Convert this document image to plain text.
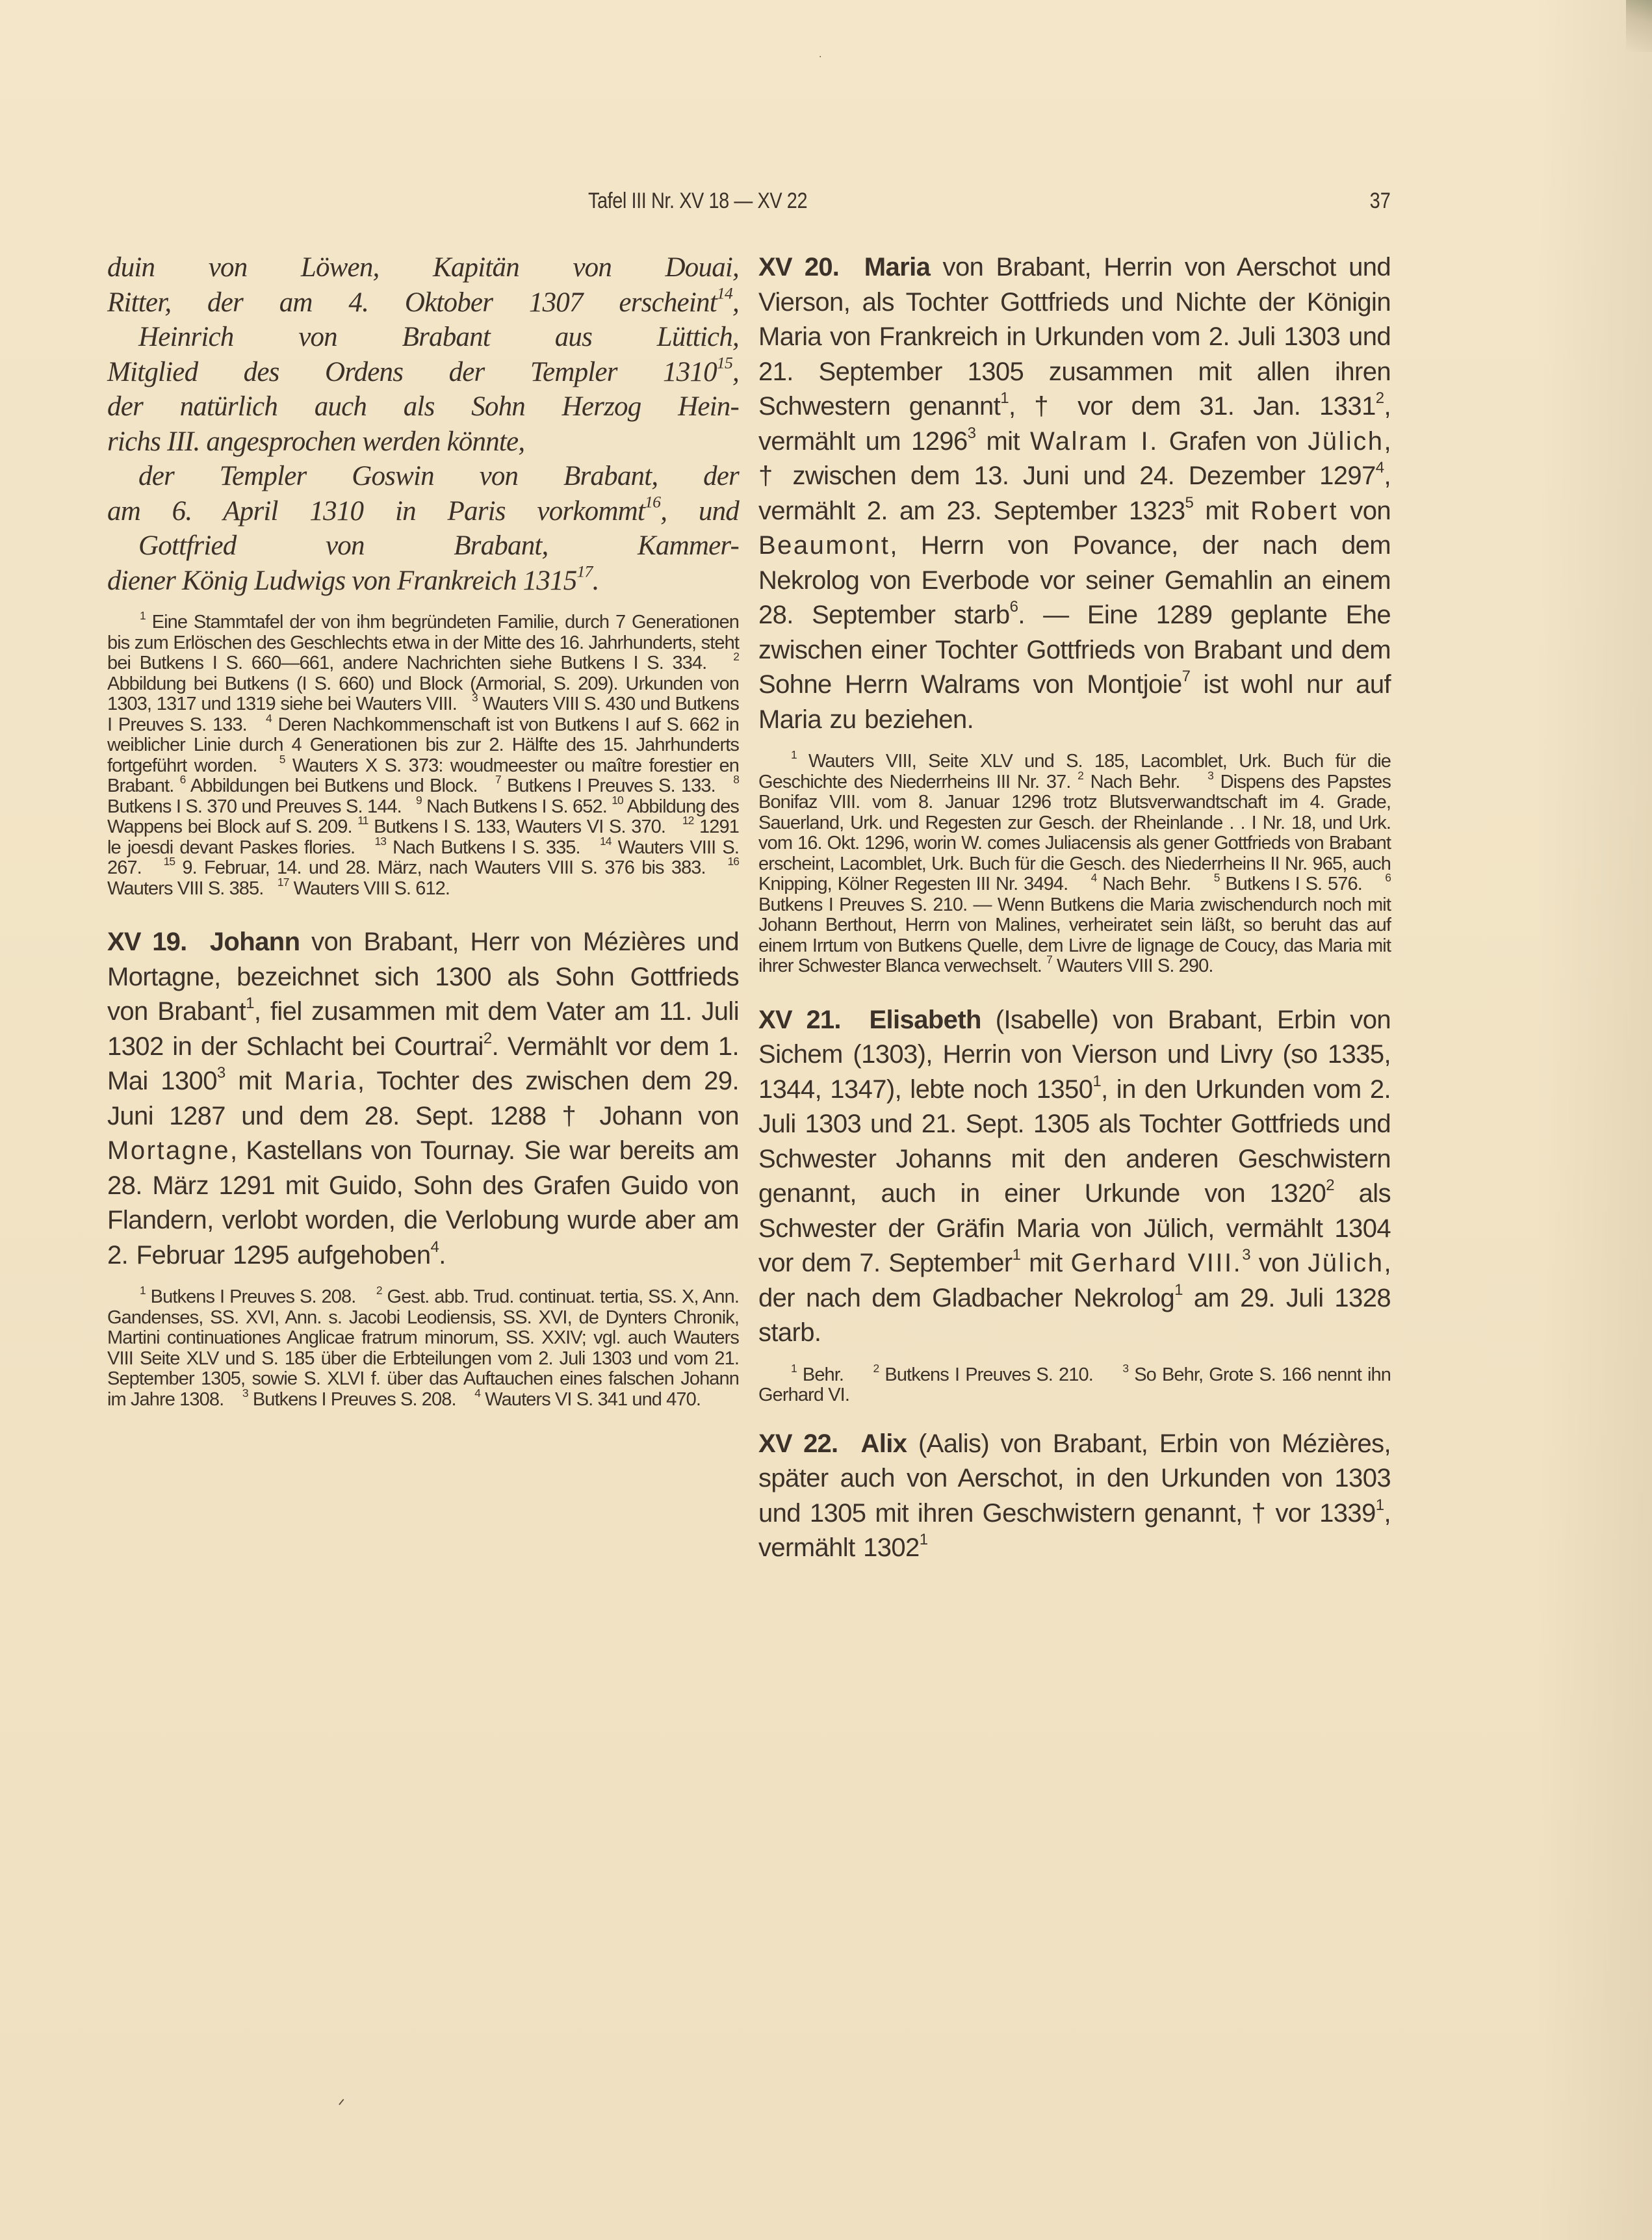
Tafel III Nr. XV 18 — XV 22	37
duin von Löwen, Kapitän von Douai,
Ritter, der am 4. Oktober 1307 erscheint$^{14}$,
Heinrich von Brabant aus Lüttich,
Mitglied des Ordens der Templer 1310$^{15}$,
der natürlich auch als Sohn Herzog Hein-
richs III. angesprochen werden könnte,
der Templer Goswin von Brabant, der
am 6. April 1310 in Paris vorkommt$^{16}$, und
Gottfried von Brabant, Kammer-
diener König Ludwigs von Frankreich 1315$^{17}$.
$^1$ Eine Stammtafel der von ihm begründeten Familie, durch 7 Generationen bis zum Erlöschen des Geschlechts etwa in der Mitte des 16. Jahrhunderts, steht bei Butkens I S. 660—661, andere Nachrichten siehe Butkens I S. 334. $^2$ Abbildung bei Butkens (I S. 660) und Block (Armorial, S. 209). Urkunden von 1303, 1317 und 1319 siehe bei Wauters VIII. $^3$ Wauters VIII S. 430 und Butkens I Preuves S. 133. $^4$ Deren Nachkommenschaft ist von Butkens I auf S. 662 in weiblicher Linie durch 4 Generationen bis zur 2. Hälfte des 15. Jahrhunderts fortgeführt worden. $^5$ Wauters X S. 373: woudmeester ou maître forestier en Brabant. $^6$ Abbildungen bei Butkens und Block. $^7$ Butkens I Preuves S. 133. $^8$ Butkens I S. 370 und Preuves S. 144. $^9$ Nach Butkens I S. 652. $^{10}$ Abbildung des Wappens bei Block auf S. 209. $^{11}$ Butkens I S. 133, Wauters VI S. 370. $^{12}$ 1291 le joesdi devant Paskes flories. $^{13}$ Nach Butkens I S. 335. $^{14}$ Wauters VIII S. 267. $^{15}$ 9. Februar, 14. und 28. März, nach Wauters VIII S. 376 bis 383. $^{16}$ Wauters VIII S. 385. $^{17}$ Wauters VIII S. 612.

XV 19. Johann von Brabant, Herr von Mézières und Mortagne, bezeichnet sich 1300 als Sohn Gottfrieds von Brabant$^1$, fiel zusammen mit dem Vater am 11. Juli 1302 in der Schlacht bei Courtrai$^2$. Vermählt vor dem 1. Mai 1300$^3$ mit Maria, Tochter des zwischen dem 29. Juni 1287 und dem 28. Sept. 1288 † Johann von Mortagne, Kastellans von Tournay. Sie war bereits am 28. März 1291 mit Guido, Sohn des Grafen Guido von Flandern, verlobt worden, die Verlobung wurde aber am 2. Februar 1295 aufgehoben$^4$.

$^1$ Butkens I Preuves S. 208. $^2$ Gest. abb. Trud. continuat. tertia, SS. X, Ann. Gandenses, SS. XVI, Ann. s. Jacobi Leodiensis, SS. XVI, de Dynters Chronik, Martini continuationes Anglicae fratrum minorum, SS. XXIV; vgl. auch Wauters VIII Seite XLV und S. 185 über die Erbteilungen vom 2. Juli 1303 und vom 21. September 1305, sowie S. XLVI f. über das Auftauchen eines falschen Johann im Jahre 1308. $^3$ Butkens I Preuves S. 208. $^4$ Wauters VI S. 341 und 470.

XV 20. Maria von Brabant, Herrin von Aerschot und Vierson, als Tochter Gottfrieds und Nichte der Königin Maria von Frankreich in Urkunden vom 2. Juli 1303 und 21. September 1305 zusammen mit allen ihren Schwestern genannt$^1$, † vor dem 31. Jan. 1331$^2$, vermählt um 1296$^3$ mit Walram I. Grafen von Jülich, † zwischen dem 13. Juni und 24. Dezember 1297$^4$, vermählt 2. am 23. September 1323$^5$ mit Robert von Beaumont, Herrn von Povance, der nach dem Nekrolog von Everbode vor seiner Gemahlin an einem 28. September starb$^6$. — Eine 1289 geplante Ehe zwischen einer Tochter Gottfrieds von Brabant und dem Sohne Herrn Walrams von Montjoie$^7$ ist wohl nur auf Maria zu beziehen.

$^1$ Wauters VIII, Seite XLV und S. 185, Lacomblet, Urk. Buch für die Geschichte des Niederrheins III Nr. 37. $^2$ Nach Behr. $^3$ Dispens des Papstes Bonifaz VIII. vom 8. Januar 1296 trotz Blutsverwandtschaft im 4. Grade, Sauerland, Urk. und Regesten zur Gesch. der Rheinlande . . I Nr. 18, und Urk. vom 16. Okt. 1296, worin W. comes Juliacensis als gener Gottfrieds von Brabant erscheint, Lacomblet, Urk. Buch für die Gesch. des Niederrheins II Nr. 965, auch Knipping, Kölner Regesten III Nr. 3494. $^4$ Nach Behr. $^5$ Butkens I S. 576. $^6$ Butkens I Preuves S. 210. — Wenn Butkens die Maria zwischendurch noch mit Johann Berthout, Herrn von Malines, verheiratet sein läßt, so beruht das auf einem Irrtum von Butkens Quelle, dem Livre de lignage de Coucy, das Maria mit ihrer Schwester Blanca verwechselt. $^7$ Wauters VIII S. 290.

XV 21. Elisabeth (Isabelle) von Brabant, Erbin von Sichem (1303), Herrin von Vierson und Livry (so 1335, 1344, 1347), lebte noch 1350$^1$, in den Urkunden vom 2. Juli 1303 und 21. Sept. 1305 als Tochter Gottfrieds und Schwester Johanns mit den anderen Geschwistern genannt, auch in einer Urkunde von 1320$^2$ als Schwester der Gräfin Maria von Jülich, vermählt 1304 vor dem 7. September$^1$ mit Gerhard VIII.$^3$ von Jülich, der nach dem Gladbacher Nekrolog$^1$ am 29. Juli 1328 starb.

$^1$ Behr.	$^2$ Butkens I Preuves S. 210.	$^3$ So Behr, Grote S. 166 nennt ihn Gerhard VI.

XV 22. Alix (Aalis) von Brabant, Erbin von Mézières, später auch von Aerschot, in den Urkunden von 1303 und 1305 mit ihren Geschwistern genannt, † vor 1339$^1$, vermählt 1302$^1$

·
ᐟ
